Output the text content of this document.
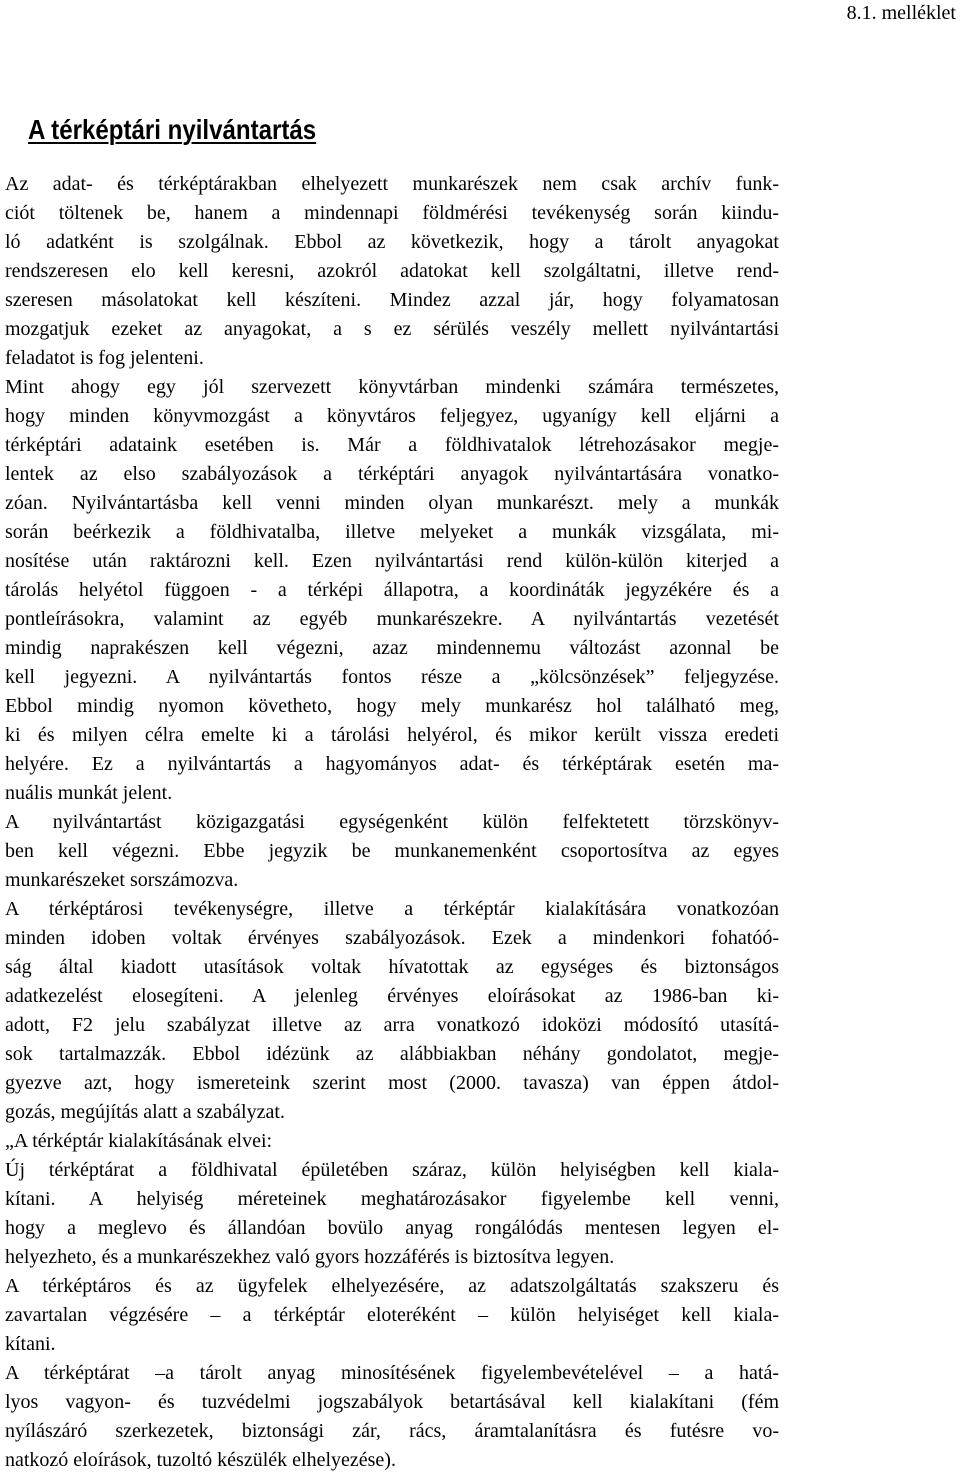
8.1. melléklet
A térképtári nyilvántartás
Az adat- és térképtárakban elhelyezett munkarészek nem csak archív funk-
ciót töltenek be, hanem a mindennapi földmérési tevékenység során kiindu-
ló adatként is szolgálnak. Ebbol az következik, hogy a tárolt anyagokat
rendszeresen elo kell keresni, azokról adatokat kell szolgáltatni, illetve rend-
szeresen másolatokat kell készíteni. Mindez azzal jár, hogy folyamatosan
mozgatjuk ezeket az anyagokat, a s ez sérülés veszély mellett nyilvántartási
feladatot is fog jelenteni.
Mint ahogy egy jól szervezett könyvtárban mindenki számára természetes,
hogy minden könyvmozgást a könyvtáros feljegyez, ugyanígy kell eljárni a
térképtári adataink esetében is. Már a földhivatalok létrehozásakor megje-
lentek az elso szabályozások a térképtári anyagok nyilvántartására vonatko-
zóan. Nyilvántartásba kell venni minden olyan munkarészt. mely a munkák
során beérkezik a földhivatalba, illetve melyeket a munkák vizsgálata, mi-
nosítése után raktározni kell. Ezen nyilvántartási rend külön-külön kiterjed a
tárolás helyétol függoen - a térképi állapotra, a koordináták jegyzékére és a
pontleírásokra, valamint az egyéb munkarészekre. A nyilvántartás vezetését
mindig naprakészen kell végezni, azaz mindennemu változást azonnal be
kell jegyezni. A nyilvántartás fontos része a „kölcsönzések” feljegyzése.
Ebbol mindig nyomon követheto, hogy mely munkarész hol található meg,
ki és milyen célra emelte ki a tárolási helyérol, és mikor került vissza eredeti
helyére. Ez a nyilvántartás a hagyományos adat- és térképtárak esetén ma-
nuális munkát jelent.
A nyilvántartást közigazgatási egységenként külön felfektetett törzskönyv-
ben kell végezni. Ebbe jegyzik be munkanemenként csoportosítva az egyes
munkarészeket sorszámozva.
A térképtárosi tevékenységre, illetve a térképtár kialakítására vonatkozóan
minden idoben voltak érvényes szabályozások. Ezek a mindenkori fohatóó-
ság által kiadott utasítások voltak hívatottak az egységes és biztonságos
adatkezelést elosegíteni. A jelenleg érvényes eloírásokat az 1986-ban ki-
adott, F2 jelu szabályzat illetve az arra vonatkozó idoközi módosító utasítá-
sok tartalmazzák. Ebbol idézünk az alábbiakban néhány gondolatot, megje-
gyezve azt, hogy ismereteink szerint most (2000. tavasza) van éppen átdol-
gozás, megújítás alatt a szabályzat.
„A térképtár kialakításának elvei:
Új térképtárat a földhivatal épületében száraz, külön helyiségben kell kiala-
kítani. A helyiség méreteinek meghatározásakor figyelembe kell venni,
hogy a meglevo és állandóan bovülo anyag rongálódás mentesen legyen el-
helyezheto, és a munkarészekhez való gyors hozzáférés is biztosítva legyen.
A térképtáros és az ügyfelek elhelyezésére, az adatszolgáltatás szakszeru és
zavartalan végzésére – a térképtár eloteréként – külön helyiséget kell kiala-
kítani.
A térképtárat –a tárolt anyag minosítésének figyelembevételével – a hatá-
lyos vagyon- és tuzvédelmi jogszabályok betartásával kell kialakítani (fém
nyílászáró szerkezetek, biztonsági zár, rács, áramtalanításra és futésre vo-
natkozó eloírások, tuzoltó készülék elhelyezése).
